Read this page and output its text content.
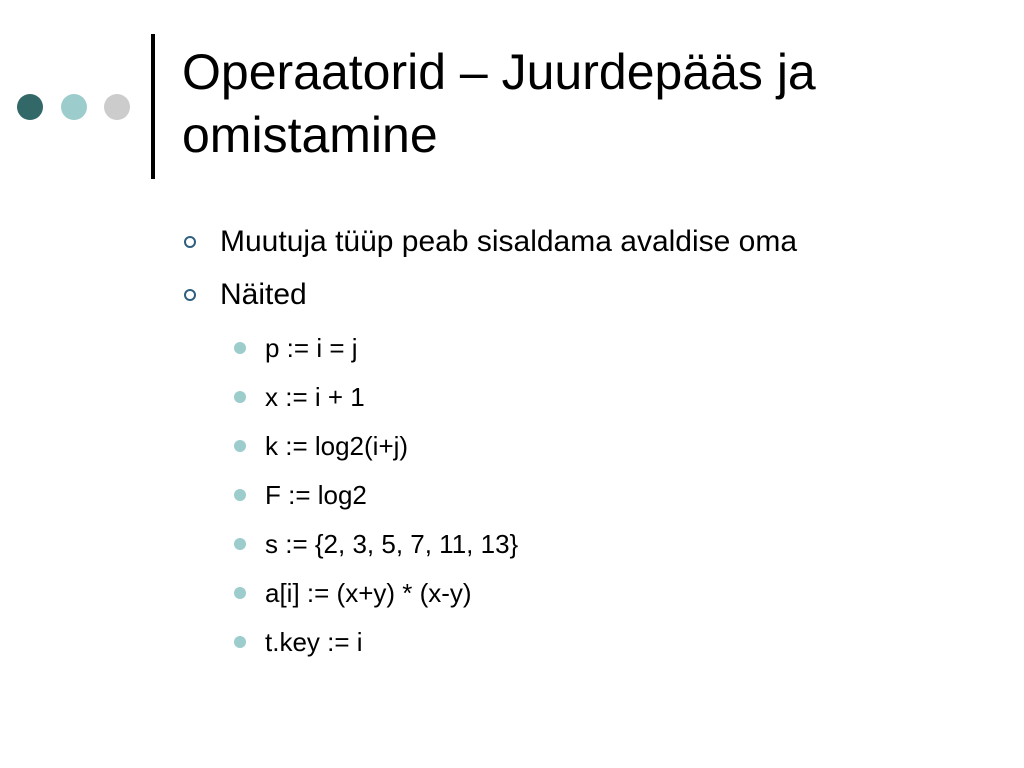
Operaatorid – Juurdepääs ja omistamine
Muutuja tüüp peab sisaldama avaldise oma
Näited
p := i = j
x := i + 1
k := log2(i+j)
F := log2
s := {2, 3, 5, 7, 11, 13}
a[i] := (x+y) * (x-y)
t.key := i
